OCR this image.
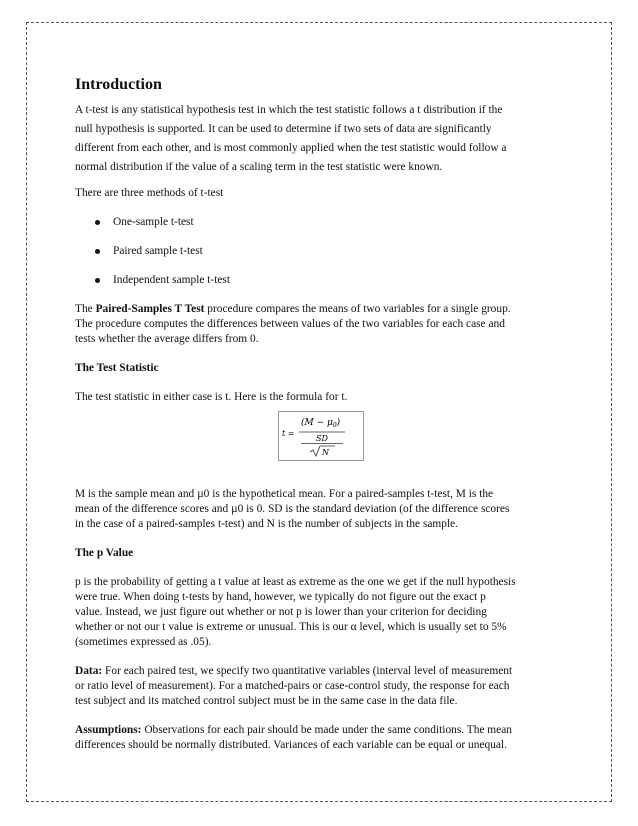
Introduction
A t-test is any statistical hypothesis test in which the test statistic follows a t distribution if the
null hypothesis is supported. It can be used to determine if two sets of data are significantly
different from each other, and is most commonly applied when the test statistic would follow a
normal distribution if the value of a scaling term in the test statistic were known.
There are three methods of t-test
One-sample t-test
Paired sample t-test
Independent sample t-test
The Paired-Samples T Test procedure compares the means of two variables for a single group.
The procedure computes the differences between values of the two variables for each case and
tests whether the average differs from 0.
The Test Statistic
The test statistic in either case is t. Here is the formula for t.
t =
$(M - \mu_0)$
SD
N
M is the sample mean and µ0 is the hypothetical mean. For a paired-samples t-test, M is the
mean of the difference scores and µ0 is 0. SD is the standard deviation (of the difference scores
in the case of a paired-samples t-test) and N is the number of subjects in the sample.
The p Value
p is the probability of getting a t value at least as extreme as the one we get if the null hypothesis
were true. When doing t-tests by hand, however, we typically do not figure out the exact p
value. Instead, we just figure out whether or not p is lower than your criterion for deciding
whether or not our t value is extreme or unusual. This is our α level, which is usually set to 5%
(sometimes expressed as .05).
Data: For each paired test, we specify two quantitative variables (interval level of measurement
or ratio level of measurement). For a matched-pairs or case-control study, the response for each
test subject and its matched control subject must be in the same case in the data file.
Assumptions: Observations for each pair should be made under the same conditions. The mean
differences should be normally distributed. Variances of each variable can be equal or unequal.
